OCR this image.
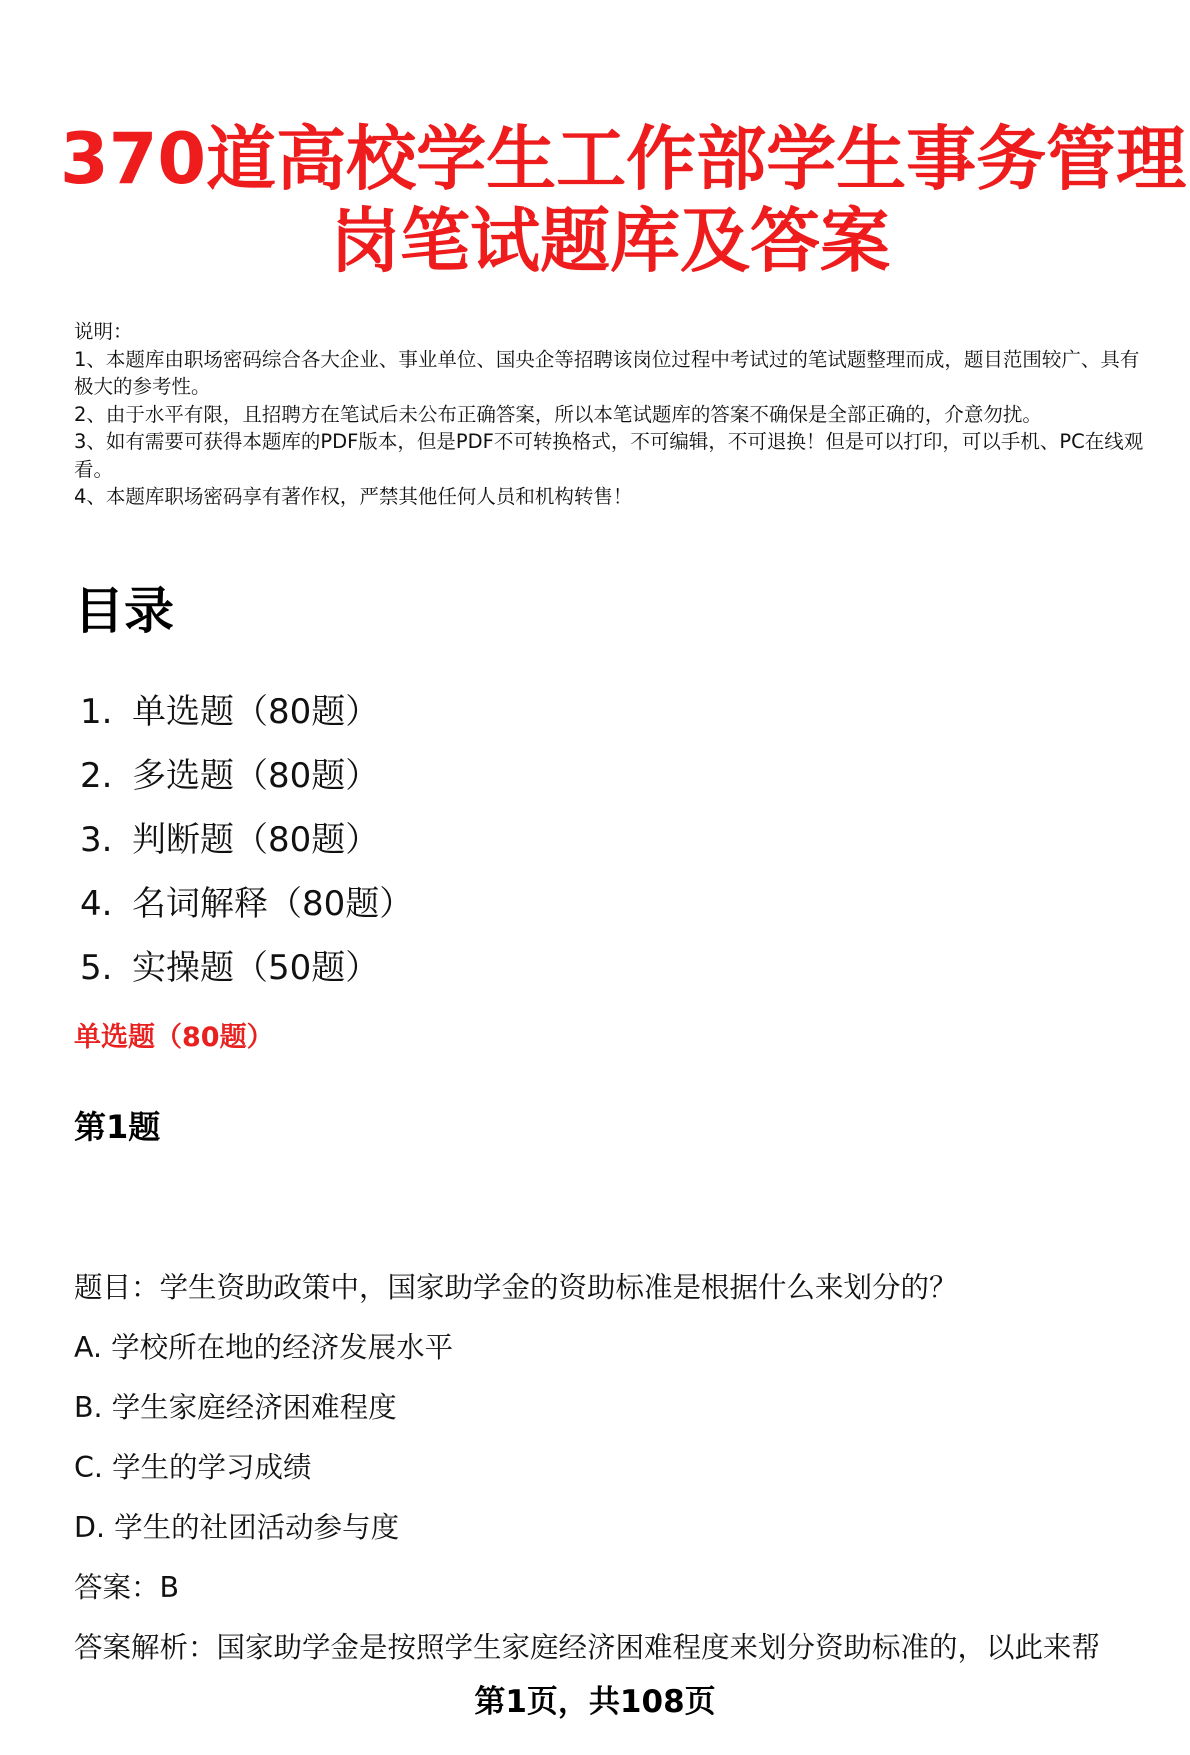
370道高校学生工作部学生事务管理
岗笔试题库及答案
说明：
1、本题库由职场密码综合各大企业、事业单位、国央企等招聘该岗位过程中考试过的笔试题整理而成，题目范围较广、具有极大的参考性。
2、由于水平有限，且招聘方在笔试后未公布正确答案，所以本笔试题库的答案不确保是全部正确的，介意勿扰。
3、如有需要可获得本题库的PDF版本，但是PDF不可转换格式，不可编辑，不可退换！但是可以打印，可以手机、PC在线观看。
4、本题库职场密码享有著作权，严禁其他任何人员和机构转售！
目录
1. 单选题（80题）
2. 多选题（80题）
3. 判断题（80题）
4. 名词解释（80题）
5. 实操题（50题）
单选题（80题）
第1题
题目：学生资助政策中，国家助学金的资助标准是根据什么来划分的？
A. 学校所在地的经济发展水平
B. 学生家庭经济困难程度
C. 学生的学习成绩
D. 学生的社团活动参与度
答案：B
答案解析：国家助学金是按照学生家庭经济困难程度来划分资助标准的，以此来帮
第1页，共108页
